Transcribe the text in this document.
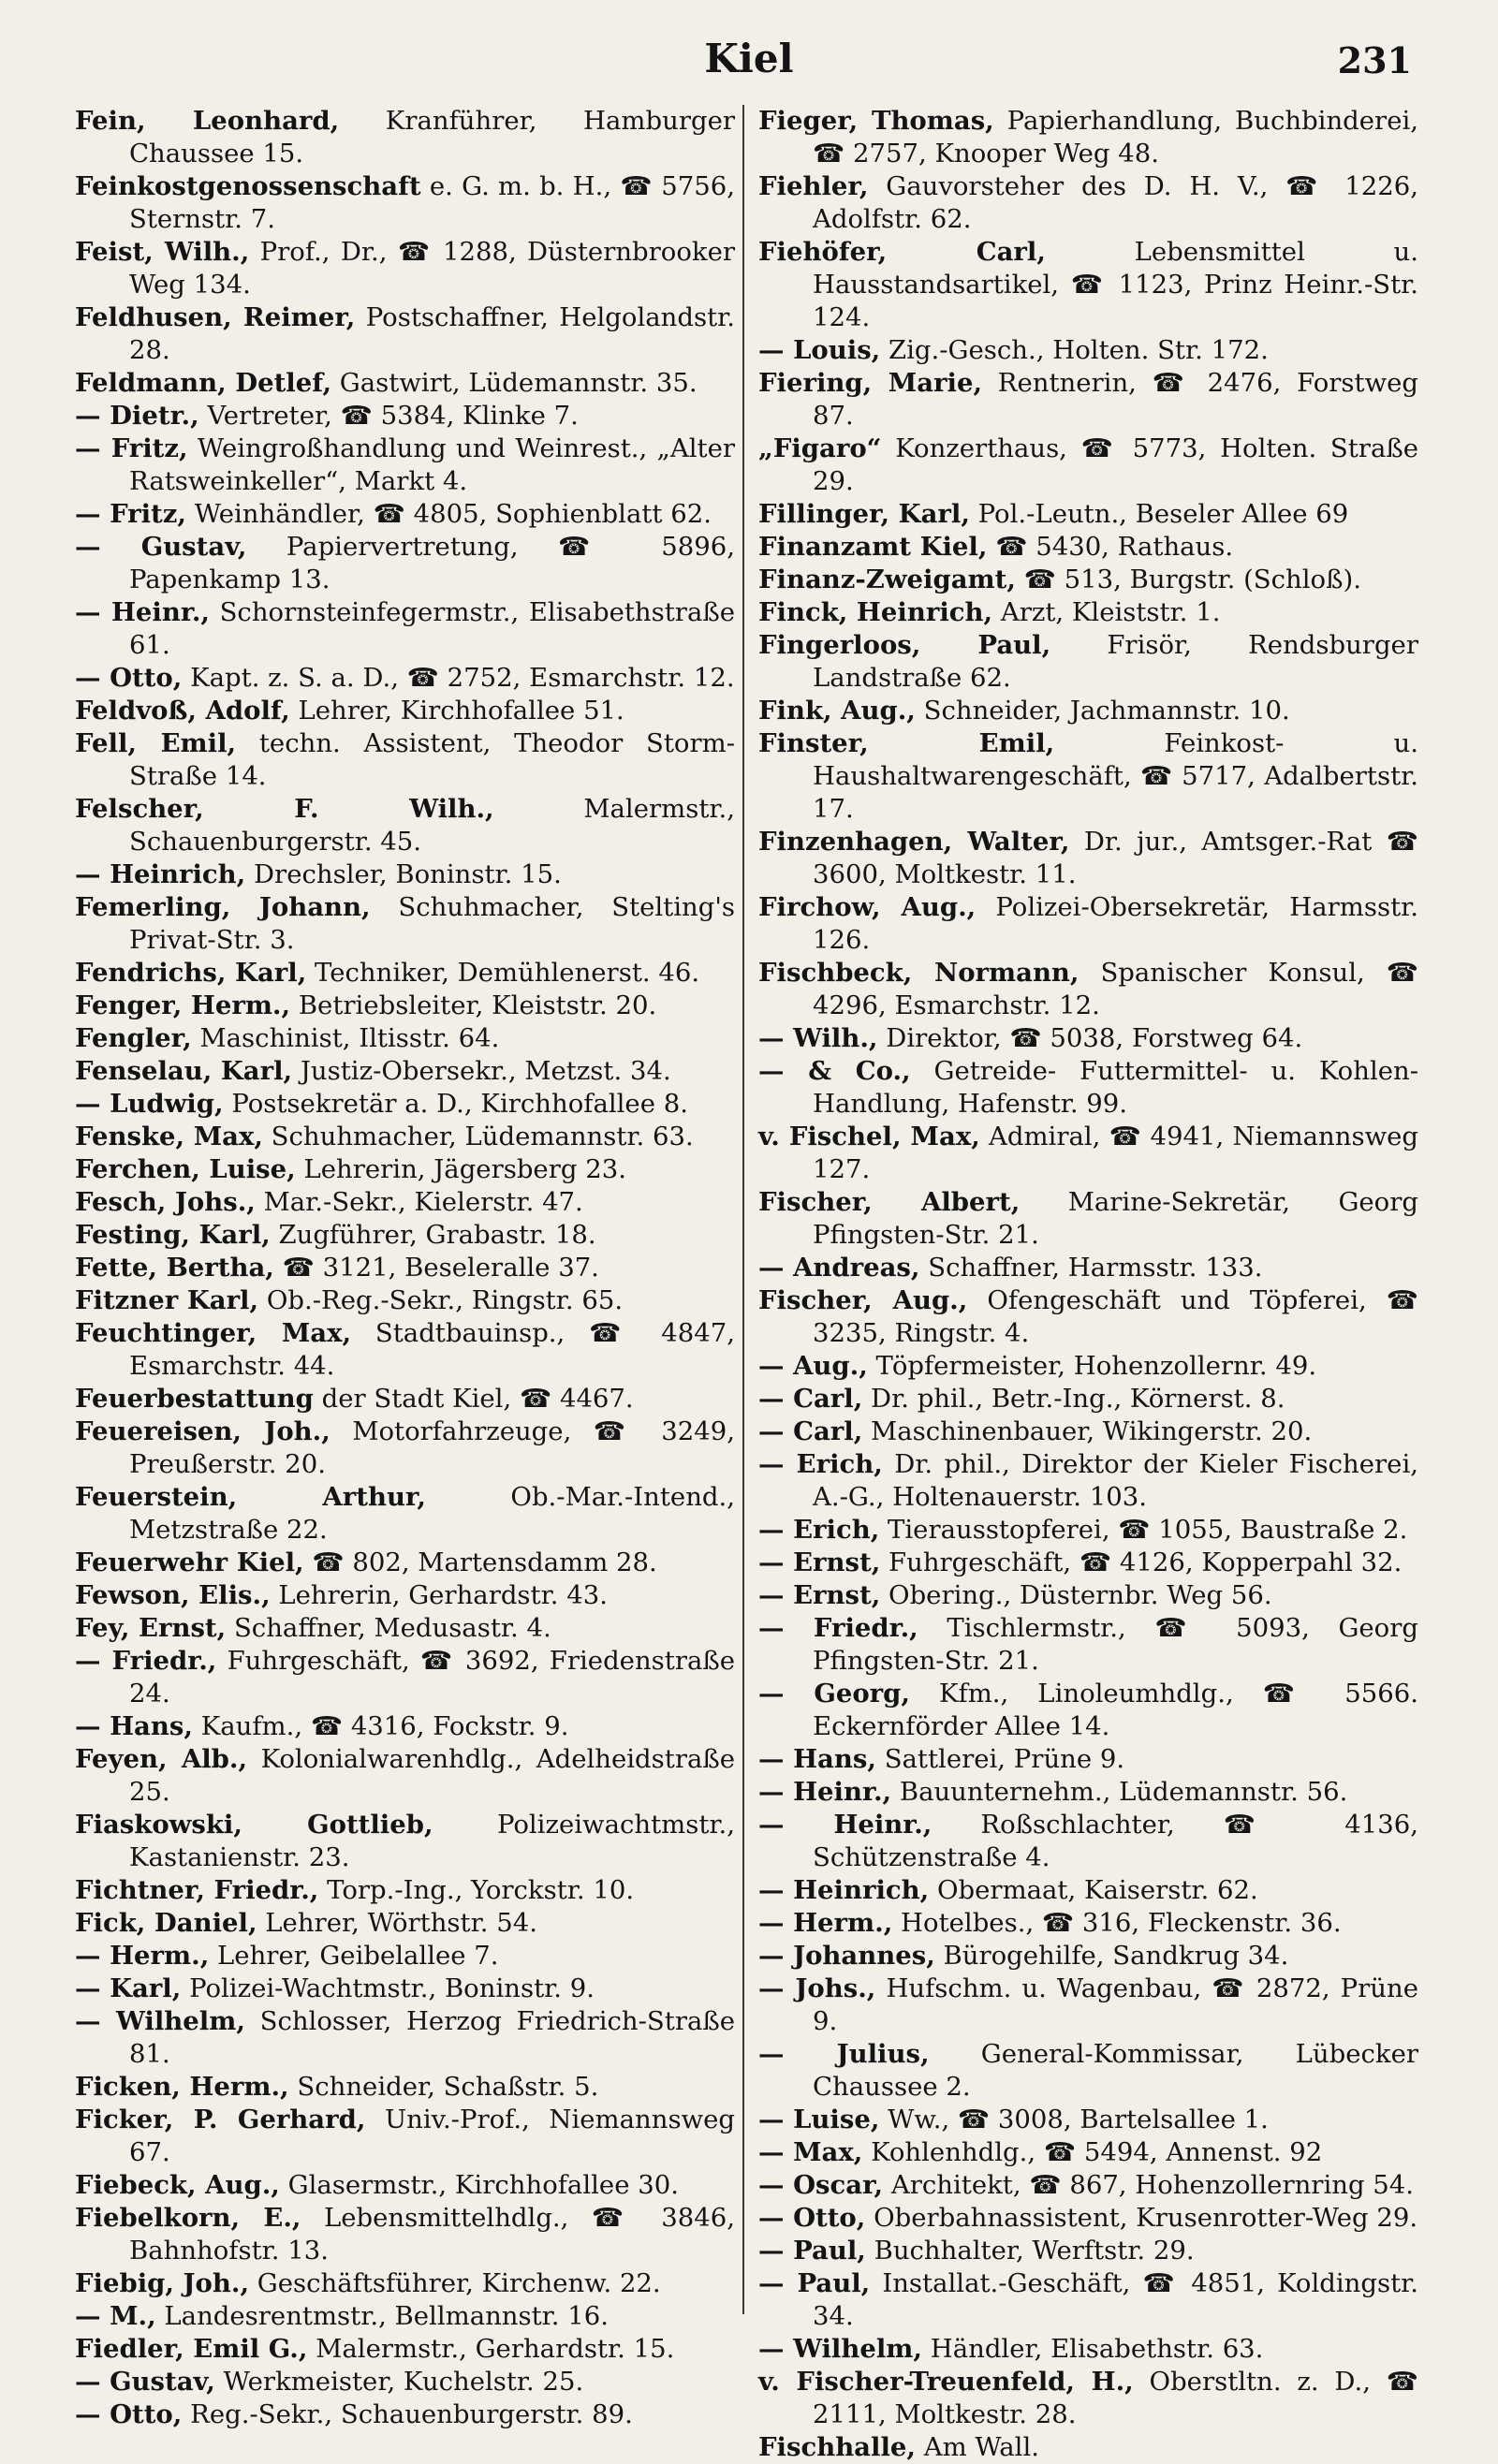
Kiel	231
Fein, Leonhard, Kranführer, Hamburger Chaussee 15.
Feinkostgenossenschaft e. G. m. b. H., ☎ 5756, Sternstr. 7.
Feist, Wilh., Prof., Dr., ☎ 1288, Düsternbrooker Weg 134.
Feldhusen, Reimer, Postschaffner, Helgolandstr. 28.
Feldmann, Detlef, Gastwirt, Lüdemannstr. 35.
— Dietr., Vertreter, ☎ 5384, Klinke 7.
— Fritz, Weingroßhandlung und Weinrest., „Alter Ratsweinkeller“, Markt 4.
— Fritz, Weinhändler, ☎ 4805, Sophienblatt 62.
— Gustav, Papiervertretung, ☎ 5896, Papenkamp 13.
— Heinr., Schornsteinfegermstr., Elisabethstraße 61.
— Otto, Kapt. z. S. a. D., ☎ 2752, Esmarchstr. 12.
Feldvoß, Adolf, Lehrer, Kirchhofallee 51.
Fell, Emil, techn. Assistent, Theodor Storm-Straße 14.
Felscher, F. Wilh.,	Malermstr., Schauenburgerstr. 45.
— Heinrich, Drechsler, Boninstr. 15.
Femerling, Johann, Schuhmacher, Stelting's Privat-Str. 3.
Fendrichs, Karl, Techniker, Demühlenerst. 46.
Fenger, Herm., Betriebsleiter, Kleiststr. 20.
Fengler, Maschinist, Iltisstr. 64.
Fenselau, Karl, Justiz-Obersekr., Metzst. 34.
— Ludwig, Postsekretär a. D., Kirchhofallee 8.
Fenske, Max, Schuhmacher, Lüdemannstr. 63.
Ferchen, Luise, Lehrerin, Jägersberg 23.
Fesch, Johs., Mar.-Sekr., Kielerstr. 47.
Festing, Karl, Zugführer, Grabastr. 18.
Fette, Bertha, ☎ 3121, Beseleralle 37.
Fitzner Karl, Ob.-Reg.-Sekr., Ringstr. 65.
Feuchtinger, Max, Stadtbauinsp., ☎ 4847, Esmarchstr. 44.
Feuerbestattung der Stadt Kiel, ☎ 4467.
Feuereisen, Joh., Motorfahrzeuge, ☎ 3249, Preußerstr. 20.
Feuerstein, Arthur,	Ob.-Mar.-Intend., Metzstraße 22.
Feuerwehr Kiel, ☎ 802, Martensdamm 28.
Fewson, Elis., Lehrerin, Gerhardstr. 43.
Fey, Ernst, Schaffner, Medusastr. 4.
— Friedr., Fuhrgeschäft, ☎ 3692, Friedenstraße 24.
— Hans, Kaufm., ☎ 4316, Fockstr. 9.
Feyen, Alb., Kolonialwarenhdlg., Adelheidstraße 25.
Fiaskowski, Gottlieb, Polizeiwachtmstr., Kastanienstr. 23.
Fichtner, Friedr., Torp.-Ing., Yorckstr. 10.
Fick, Daniel, Lehrer, Wörthstr. 54.
— Herm., Lehrer, Geibelallee 7.
— Karl, Polizei-Wachtmstr., Boninstr. 9.
— Wilhelm, Schlosser, Herzog Friedrich-Straße 81.
Ficken, Herm., Schneider, Schaßstr. 5.
Ficker, P. Gerhard, Univ.-Prof., Niemannsweg 67.
Fiebeck, Aug., Glasermstr., Kirchhofallee 30.
Fiebelkorn, E., Lebensmittelhdlg., ☎ 3846, Bahnhofstr. 13.
Fiebig, Joh., Geschäftsführer, Kirchenw. 22.
— M., Landesrentmstr., Bellmannstr. 16.
Fiedler, Emil G., Malermstr., Gerhardstr. 15.
— Gustav, Werkmeister, Kuchelstr. 25.
— Otto, Reg.-Sekr., Schauenburgerstr. 89.
Fieger, Thomas, Papierhandlung, Buchbinderei, ☎ 2757, Knooper Weg 48.
Fiehler, Gauvorsteher des D. H. V., ☎ 1226, Adolfstr. 62.
Fiehöfer, Carl,	Lebensmittel u. Hausstandsartikel, ☎ 1123, Prinz Heinr.-Str. 124.
— Louis, Zig.-Gesch., Holten. Str. 172.
Fiering, Marie, Rentnerin, ☎ 2476, Forstweg 87.
„Figaro“ Konzerthaus, ☎ 5773, Holten. Straße 29.
Fillinger, Karl, Pol.-Leutn., Beseler Allee 69
Finanzamt Kiel, ☎ 5430, Rathaus.
Finanz-Zweigamt, ☎ 513, Burgstr. (Schloß).
Finck, Heinrich, Arzt, Kleiststr. 1.
Fingerloos, Paul, Frisör, Rendsburger Landstraße 62.
Fink, Aug., Schneider, Jachmannstr. 10.
Finster, Emil,	Feinkost- u. Haushaltwarengeschäft, ☎ 5717, Adalbertstr. 17.
Finzenhagen, Walter, Dr. jur., Amtsger.-Rat ☎ 3600, Moltkestr. 11.
Firchow, Aug., Polizei-Obersekretär, Harmsstr. 126.
Fischbeck, Normann, Spanischer Konsul, ☎ 4296, Esmarchstr. 12.
— Wilh., Direktor, ☎ 5038, Forstweg 64.
— & Co., Getreide- Futtermittel- u. Kohlen-Handlung, Hafenstr. 99.
v. Fischel, Max, Admiral, ☎ 4941, Niemannsweg 127.
Fischer, Albert, Marine-Sekretär, Georg Pfingsten-Str. 21.
— Andreas, Schaffner, Harmsstr. 133.
Fischer, Aug., Ofengeschäft und Töpferei, ☎ 3235, Ringstr. 4.
— Aug., Töpfermeister, Hohenzollernr. 49.
— Carl, Dr. phil., Betr.-Ing., Körnerst. 8.
— Carl, Maschinenbauer, Wikingerstr. 20.
— Erich, Dr. phil., Direktor der Kieler Fischerei, A.-G., Holtenauerstr. 103.
— Erich, Tierausstopferei, ☎ 1055, Baustraße 2.
— Ernst, Fuhrgeschäft, ☎ 4126, Kopperpahl 32.
— Ernst, Obering., Düsternbr. Weg 56.
— Friedr., Tischlermstr., ☎ 5093, Georg Pfingsten-Str. 21.
— Georg, Kfm., Linoleumhdlg., ☎ 5566. Eckernförder Allee 14.
— Hans, Sattlerei, Prüne 9.
— Heinr., Bauunternehm., Lüdemannstr. 56.
— Heinr., Roßschlachter, ☎ 4136, Schützenstraße 4.
— Heinrich, Obermaat, Kaiserstr. 62.
— Herm., Hotelbes., ☎ 316, Fleckenstr. 36.
— Johannes, Bürogehilfe, Sandkrug 34.
— Johs., Hufschm. u. Wagenbau, ☎ 2872, Prüne 9.
— Julius, General-Kommissar, Lübecker Chaussee 2.
— Luise, Ww., ☎ 3008, Bartelsallee 1.
— Max, Kohlenhdlg., ☎ 5494, Annenst. 92
— Oscar, Architekt, ☎ 867, Hohenzollernring 54.
— Otto, Oberbahnassistent, Krusenrotter-Weg 29.
— Paul, Buchhalter, Werftstr. 29.
— Paul, Installat.-Geschäft, ☎ 4851, Koldingstr. 34.
— Wilhelm, Händler, Elisabethstr. 63.
v. Fischer-Treuenfeld, H., Oberstltn. z. D., ☎ 2111, Moltkestr. 28.
Fischhalle, Am Wall.
